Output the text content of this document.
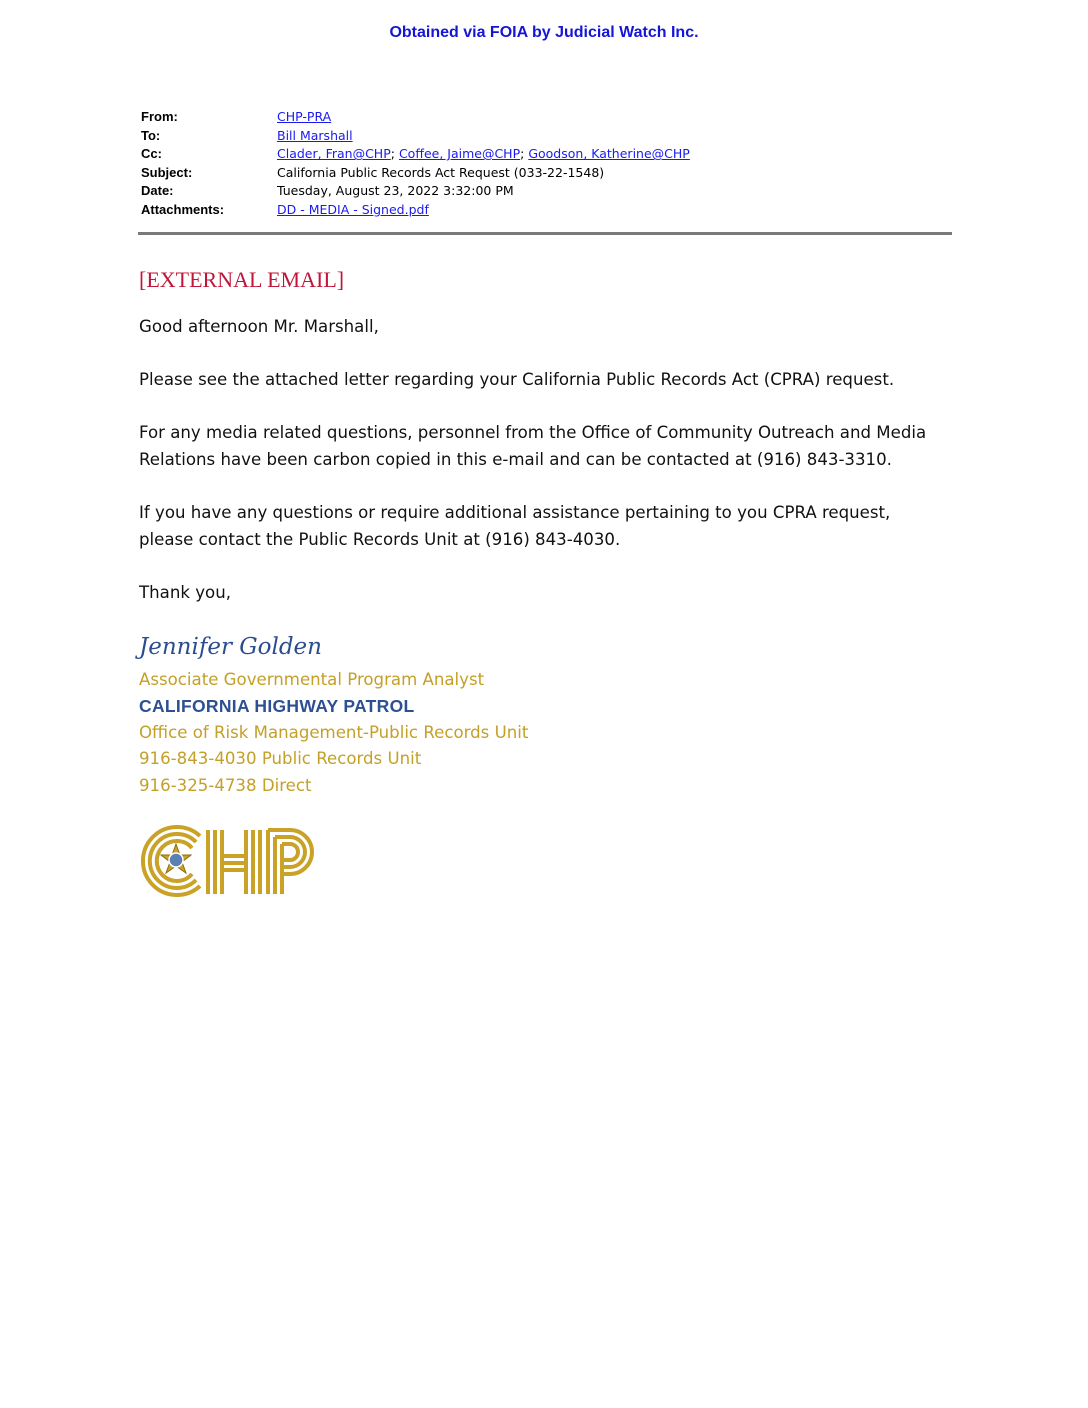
Obtained via FOIA by Judicial Watch Inc.
From:	CHP-PRA
To:	Bill Marshall
Cc:	Clader, Fran@CHP; Coffee, Jaime@CHP; Goodson, Katherine@CHP
Subject:	California Public Records Act Request (033-22-1548)
Date:	Tuesday, August 23, 2022 3:32:00 PM
Attachments:	DD - MEDIA - Signed.pdf
[EXTERNAL EMAIL]

Good afternoon Mr. Marshall,

Please see the attached letter regarding your California Public Records Act (CPRA) request.

For any media related questions, personnel from the Office of Community Outreach and Media Relations have been carbon copied in this e-mail and can be contacted at (916) 843-3310.

If you have any questions or require additional assistance pertaining to you CPRA request, please contact the Public Records Unit at (916) 843-4030.

Thank you,

Jennifer Golden
Associate Governmental Program Analyst
CALIFORNIA HIGHWAY PATROL
Office of Risk Management-Public Records Unit
916-843-4030 Public Records Unit
916-325-4738 Direct
